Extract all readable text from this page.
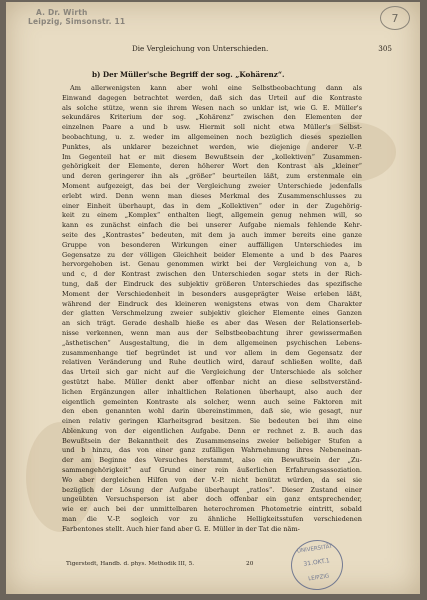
A. Dr. Wirth
Leipzig, Simsonstr. 11	7
Die Vergleichung von Unterschieden.	305
b) Der Müller'sche Begriff der sog. „Kohärenz“.
Am allerwenigsten kann aber wohl eine Selbstbeobachtung dann als
Einwand dagegen betrachtet werden, daß sich das Urteil auf die Kontraste
als solche stütze, wenn sie ihrem Wesen nach so unklar ist, wie G. E. Müller's
sekundäres Kriterium der sog. „Kohärenz“ zwischen den Elementen der
einzelnen Paare a und b usw. Hiermit soll nicht etwa Müller's Selbst-
beobachtung, u. z. weder im allgemeinen noch bezüglich dieses speziellen
Punktes, als unklarer bezeichnet werden, wie diejenige anderer V.-P.
Im Gegenteil hat er mit diesem Bewußtsein der „kollektiven“ Zusammen-
gehörigkeit der Elemente, deren höherer Wort den Kontrast als „kleiner“
und deren geringerer ihn als „größer“ beurteilen läßt, zum erstenmale ein
Moment aufgezeigt, das bei der Vergleichung zweier Unterschiede jedenfalls
erlebt wird. Denn wenn man dieses Merkmal des Zusammenschlusses zu
einer Einheit überhaupt, das in dem „Kollektiven“ oder in der Zugehörig-
keit zu einem „Komplex“ enthalten liegt, allgemein genug nehmen will, so
kann es zunächst einfach die bei unserer Aufgabe niemals fehlende Kehr-
seite des „Kontrastes“ bedeuten, mit dem ja auch immer bereits eine ganze
Gruppe von besonderen Wirkungen einer auffälligen Unterschiedes im
Gegensatze zu der völligen Gleichheit beider Elemente a und b des Paares
hervorgehoben ist. Genau genommen wirkt bei der Vergleichung von a, b
und c, d der Kontrast zwischen den Unterschieden sogar stets in der Rich-
tung, daß der Eindruck des subjektiv größeren Unterschiedes das spezifische
Moment der Verschiedenheit in besonders ausgeprägter Weise erleben läßt,
während der Eindruck des kleineren wenigstens etwas von dem Charakter
der glatten Verschmelzung zweier subjektiv gleicher Elemente eines Ganzen
an sich trägt. Gerade deshalb hieße es aber das Wesen der Relationserleb-
nisse verkennen, wenn man aus der Selbstbeobachtung ihrer gewissermaßen
„ästhetischen“ Ausgestaltung, die in dem allgemeinen psychischen Lebens-
zusammenhange tief begründet ist und vor allem in dem Gegensatz der
relativen Veränderung und Ruhe deutlich wird, darauf schließen wollte, daß
das Urteil sich gar nicht auf die Vergleichung der Unterschiede als solcher
gestützt habe. Müller denkt aber offenbar nicht an diese selbstverständ-
lichen Ergänzungen aller inhaltlichen Relationen überhaupt, also auch der
eigentlich gemeinten Kontraste als solcher, wenn auch seine Faktoren mit
den eben genannten wohl darin übereinstimmen, daß sie, wie gesagt, nur
einen relativ geringen Klarheitsgrad besitzen. Sie bedeuten bei ihm eine
Ablenkung von der eigentlichen Aufgabe. Denn er rechnet z. B. auch das
Bewußtsein der Bekanntheit des Zusammenseins zweier beliebiger Stufen a
und b hinzu, das von einer ganz zufälligen Wahrnehmung ihres Nebeneinan-
der am Beginne des Versuches herstammt, also ein Bewußtsein der „Zu-
sammengehörigkeit“ auf Grund einer rein äußerlichen Erfahrungsassoziation.
Wo aber dergleichen Hilfen von der V.-P. nicht benützt würden, da sei sie
bezüglich der Lösung der Aufgabe überhaupt „ratlos“. Dieser Zustand einer
ungeübten Versuchsperson ist aber doch offenbar ein ganz entsprechender,
wie er auch bei der unmittelbaren heterochromen Photometrie eintritt, sobald
man die V.-P. sogleich vor zu ähnliche Helligkeitsstufen verschiedenen
Farbentones stellt. Auch hier fand aber G. E. Müller in der Tat die näm-
Tigerstedt, Handb. d. phys. Methodik III, 5.	20
UNIVERSITÄT
31.OKT.1
LEIPZIG
